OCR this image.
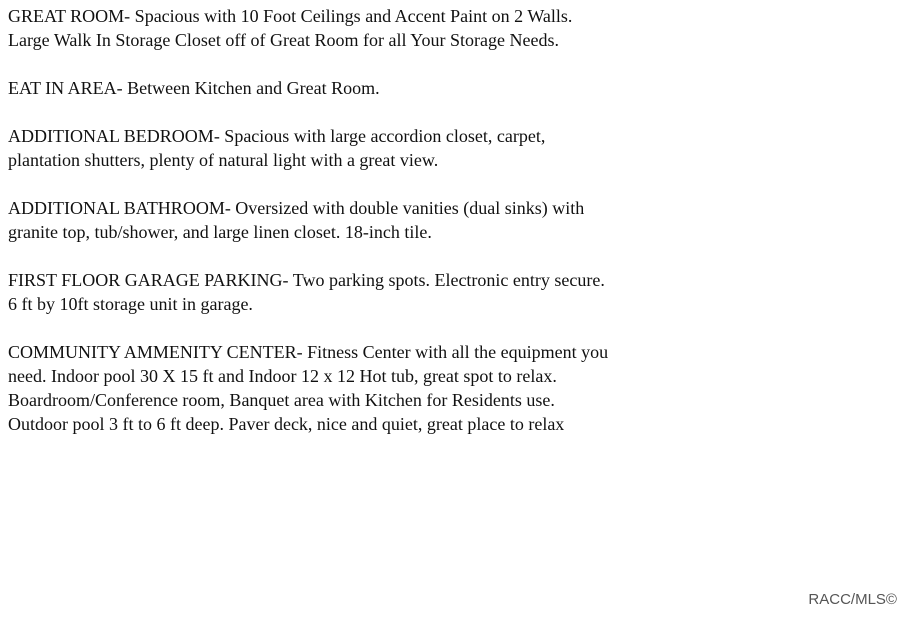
GREAT ROOM- Spacious with 10 Foot Ceilings and Accent Paint on 2 Walls.
Large Walk In Storage Closet off of Great Room for all Your Storage Needs.

EAT IN AREA- Between Kitchen and Great Room.

ADDITIONAL BEDROOM- Spacious with large accordion closet, carpet,
plantation shutters, plenty of natural light with a great view.

ADDITIONAL BATHROOM- Oversized with double vanities (dual sinks) with
granite top, tub/shower, and large linen closet. 18-inch tile.

FIRST FLOOR GARAGE PARKING- Two parking spots. Electronic entry secure.
6 ft by 10ft storage unit in garage.

COMMUNITY AMMENITY CENTER- Fitness Center with all the equipment you
need. Indoor pool 30 X 15 ft and Indoor 12 x 12 Hot tub, great spot to relax.
Boardroom/Conference room, Banquet area with Kitchen for Residents use.
Outdoor pool 3 ft to 6 ft deep. Paver deck, nice and quiet, great place to relax

RACC/MLS©
